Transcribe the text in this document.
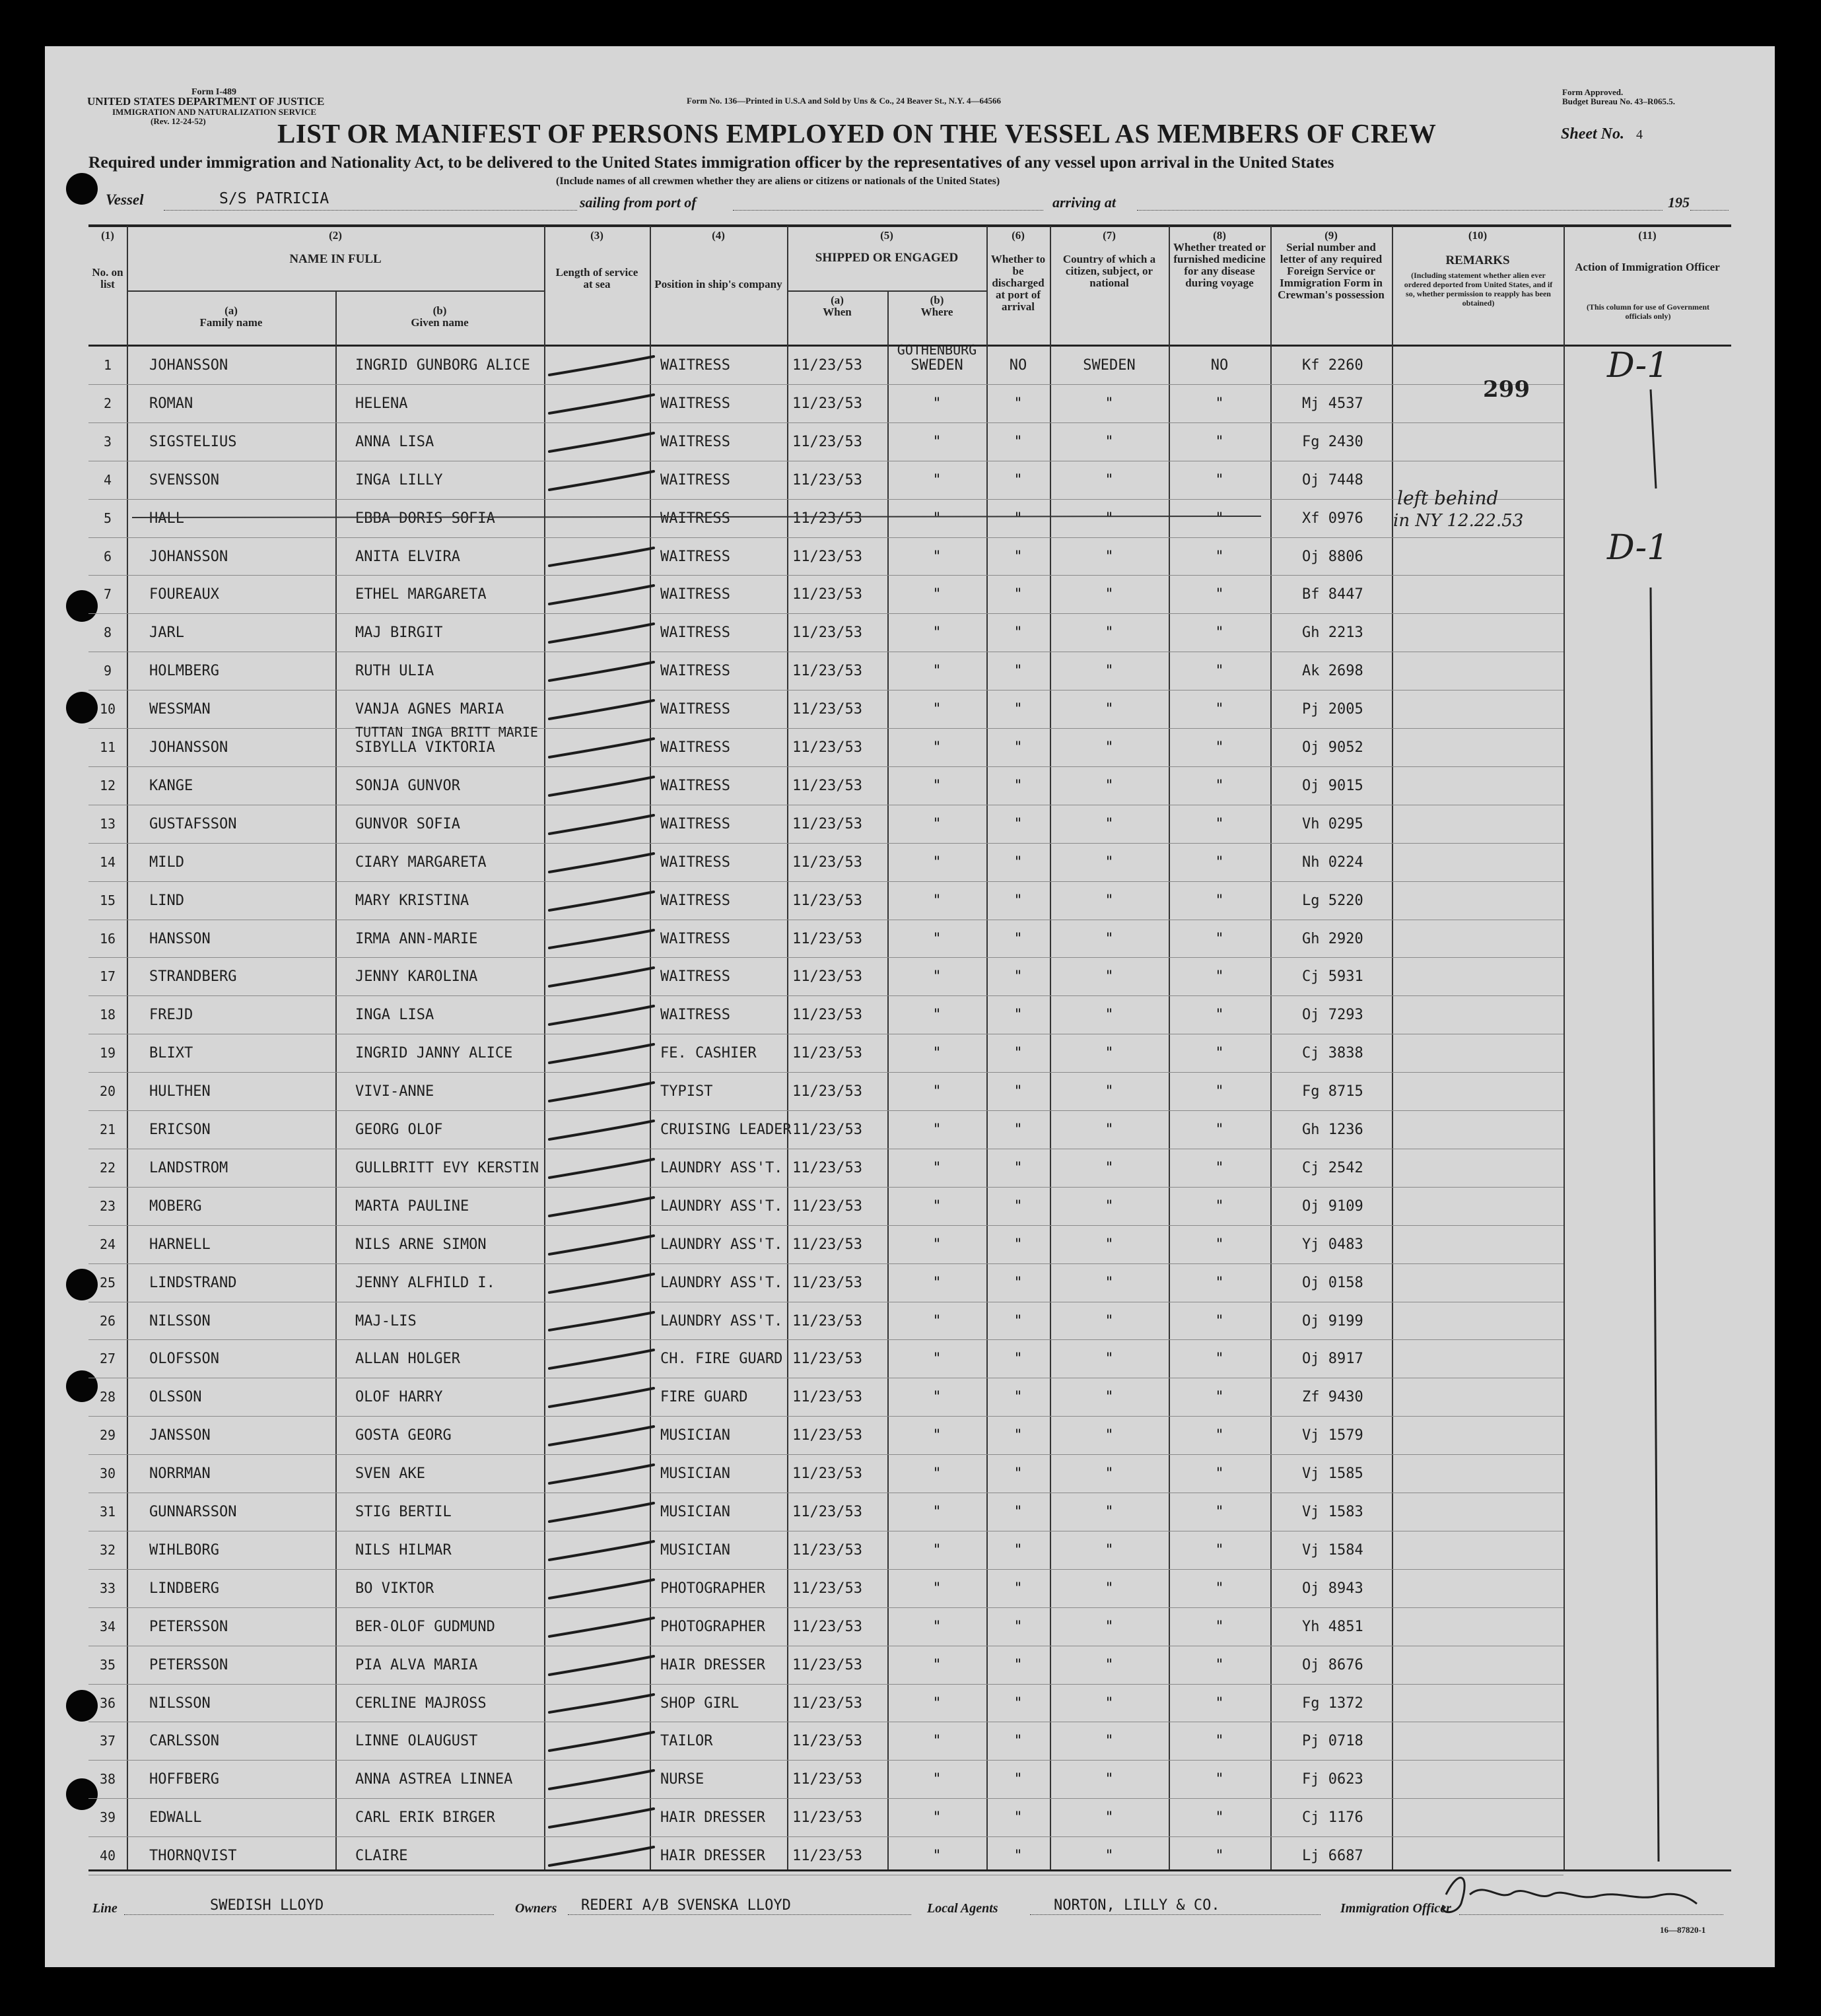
Form I-489
UNITED STATES DEPARTMENT OF JUSTICE
IMMIGRATION AND NATURALIZATION SERVICE
(Rev. 12-24-52)
Form No. 136—Printed in U.S.A and Sold by Uns & Co., 24 Beaver St., N.Y. 4—64566
Form Approved.
Budget Bureau No. 43–R065.5.
LIST OR MANIFEST OF PERSONS EMPLOYED ON THE VESSEL AS MEMBERS OF CREW	Sheet No. 4
Required under immigration and Nationality Act, to be delivered to the United States immigration officer by the representatives of any vessel upon arrival in the United States
(Include names of all crewmen whether they are aliens or citizens or nationals of the United States)
Vessel	S/S PATRICIA	sailing from port of	arriving at	195
(1)	(2)	(3)	(4)	(5)	(6)	(7)	(8)	(9)	(10)	(11)
No. on list
NAME IN FULL
(a)
Family name
(b)
Given name
Length of service at sea	Position in ship's company
SHIPPED OR ENGAGED
(a)
When
(b)
Where
Whether to be discharged at port of arrival
Country of which a citizen, subject, or national
Whether treated or furnished medicine for any disease during voyage
Serial number and letter of any required Foreign Service or Immigration Form in Crewman's possession
REMARKS
(Including statement whether alien ever ordered deported from United States, and if so, whether permission to reapply has been obtained)
Action of Immigration Officer
(This column for use of Government officials only)
1	JOHANSSON	INGRID GUNBORG ALICE	WAITRESS	11/23/53	SWEDEN	NO	SWEDEN	NO	Kf 2260
GOTHENBURG
2	ROMAN	HELENA	WAITRESS	11/23/53	"	"	"	"	Mj 4537
3	SIGSTELIUS	ANNA LISA	WAITRESS	11/23/53	"	"	"	"	Fg 2430
4	SVENSSON	INGA LILLY	WAITRESS	11/23/53	"	"	"	"	Oj 7448
5	HALL	EBBA DORIS SOFIA	WAITRESS	11/23/53	"	"	"	"	Xf 0976
6	JOHANSSON	ANITA ELVIRA	WAITRESS	11/23/53	"	"	"	"	Oj 8806
7	FOUREAUX	ETHEL MARGARETA	WAITRESS	11/23/53	"	"	"	"	Bf 8447
8	JARL	MAJ BIRGIT	WAITRESS	11/23/53	"	"	"	"	Gh 2213
9	HOLMBERG	RUTH ULIA	WAITRESS	11/23/53	"	"	"	"	Ak 2698
10	WESSMAN	VANJA AGNES MARIA	WAITRESS	11/23/53	"	"	"	"	Pj 2005
11	JOHANSSON	SIBYLLA VIKTORIA	WAITRESS	11/23/53	"	"	"	"	Oj 9052
TUTTAN INGA BRITT MARIE
12	KANGE	SONJA GUNVOR	WAITRESS	11/23/53	"	"	"	"	Oj 9015
13	GUSTAFSSON	GUNVOR SOFIA	WAITRESS	11/23/53	"	"	"	"	Vh 0295
14	MILD	CIARY MARGARETA	WAITRESS	11/23/53	"	"	"	"	Nh 0224
15	LIND	MARY KRISTINA	WAITRESS	11/23/53	"	"	"	"	Lg 5220
16	HANSSON	IRMA ANN-MARIE	WAITRESS	11/23/53	"	"	"	"	Gh 2920
17	STRANDBERG	JENNY KAROLINA	WAITRESS	11/23/53	"	"	"	"	Cj 5931
18	FREJD	INGA LISA	WAITRESS	11/23/53	"	"	"	"	Oj 7293
19	BLIXT	INGRID JANNY ALICE	FE. CASHIER 11/23/53	"	"	"	"	Cj 3838
20	HULTHEN	VIVI-ANNE	TYPIST	11/23/53	"	"	"	"	Fg 8715
21	ERICSON	GEORG OLOF	CRUISING LEADER 11/23/53	"	"	"	"	Gh 1236
22	LANDSTROM	GULLBRITT EVY KERSTIN	LAUNDRY ASS'T. 11/23/53	"	"	"	"	Cj 2542
23	MOBERG	MARTA PAULINE	LAUNDRY ASS'T. 11/23/53	"	"	"	"	Oj 9109
24	HARNELL	NILS ARNE SIMON	LAUNDRY ASS'T. 11/23/53	"	"	"	"	Yj 0483
25	LINDSTRAND	JENNY ALFHILD I.	LAUNDRY ASS'T. 11/23/53	"	"	"	"	Oj 0158
26	NILSSON	MAJ-LIS	LAUNDRY ASS'T. 11/23/53	"	"	"	"	Oj 9199
27	OLOFSSON	ALLAN HOLGER	CH. FIRE GUARD 11/23/53	"	"	"	"	Oj 8917
28	OLSSON	OLOF HARRY	FIRE GUARD	11/23/53	"	"	"	"	Zf 9430
29	JANSSON	GOSTA GEORG	MUSICIAN	11/23/53	"	"	"	"	Vj 1579
30	NORRMAN	SVEN AKE	MUSICIAN	11/23/53	"	"	"	"	Vj 1585
31	GUNNARSSON	STIG BERTIL	MUSICIAN	11/23/53	"	"	"	"	Vj 1583
32	WIHLBORG	NILS HILMAR	MUSICIAN	11/23/53	"	"	"	"	Vj 1584
33	LINDBERG	BO VIKTOR	PHOTOGRAPHER 11/23/53	"	"	"	"	Oj 8943
34	PETERSSON	BER-OLOF GUDMUND	PHOTOGRAPHER 11/23/53	"	"	"	"	Yh 4851
35	PETERSSON	PIA ALVA MARIA	HAIR DRESSER 11/23/53	"	"	"	"	Oj 8676
36	NILSSON	CERLINE MAJROSS	SHOP GIRL	11/23/53	"	"	"	"	Fg 1372
37	CARLSSON	LINNE OLAUGUST	TAILOR	11/23/53	"	"	"	"	Pj 0718
38	HOFFBERG	ANNA ASTREA LINNEA	NURSE	11/23/53	"	"	"	"	Fj 0623
39	EDWALL	CARL ERIK BIRGER	HAIR DRESSER 11/23/53	"	"	"	"	Cj 1176
40	THORNQVIST	CLAIRE	HAIR DRESSER 11/23/53	"	"	"	"	Lj 6687
299
left behind
in NY 12.22.53
D-1
D-1
Line	SWEDISH LLOYD	Owners REDERI A/B SVENSKA LLOYD	Local Agents	NORTON, LILLY & CO.	Immigration Officer
16—87820-1
